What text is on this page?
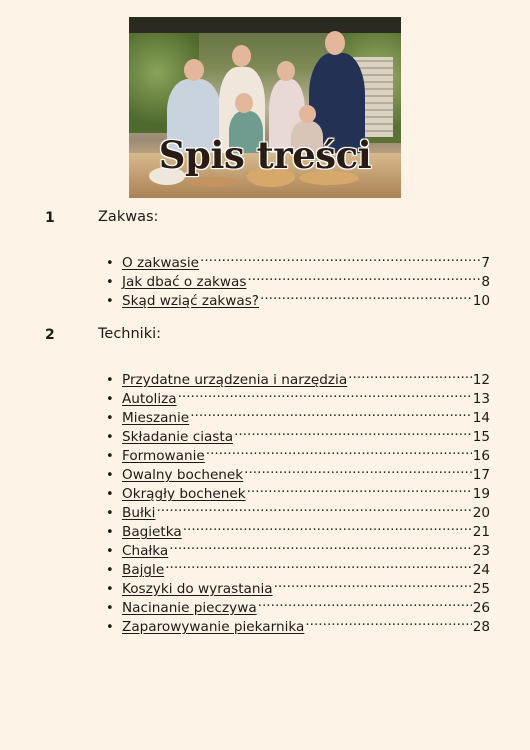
Spis treści
1	Zakwas:
• O zakwasie .....	7
• Jak dbać o zakwas .....	8
• Skąd wziąć zakwas? .....	10
2	Techniki:
• Przydatne urządzenia i narzędzia .....	12
• Autoliza .....	13
• Mieszanie .....	14
• Składanie ciasta .....	15
• Formowanie .....	16
• Owalny bochenek .....	17
• Okrągły bochenek .....	19
• Bułki .....	20
• Bagietka .....	21
• Chałka .....	23
• Bajgle .....	24
• Koszyki do wyrastania .....	25
• Nacinanie pieczywa .....	26
• Zaparowywanie piekarnika .....	28
